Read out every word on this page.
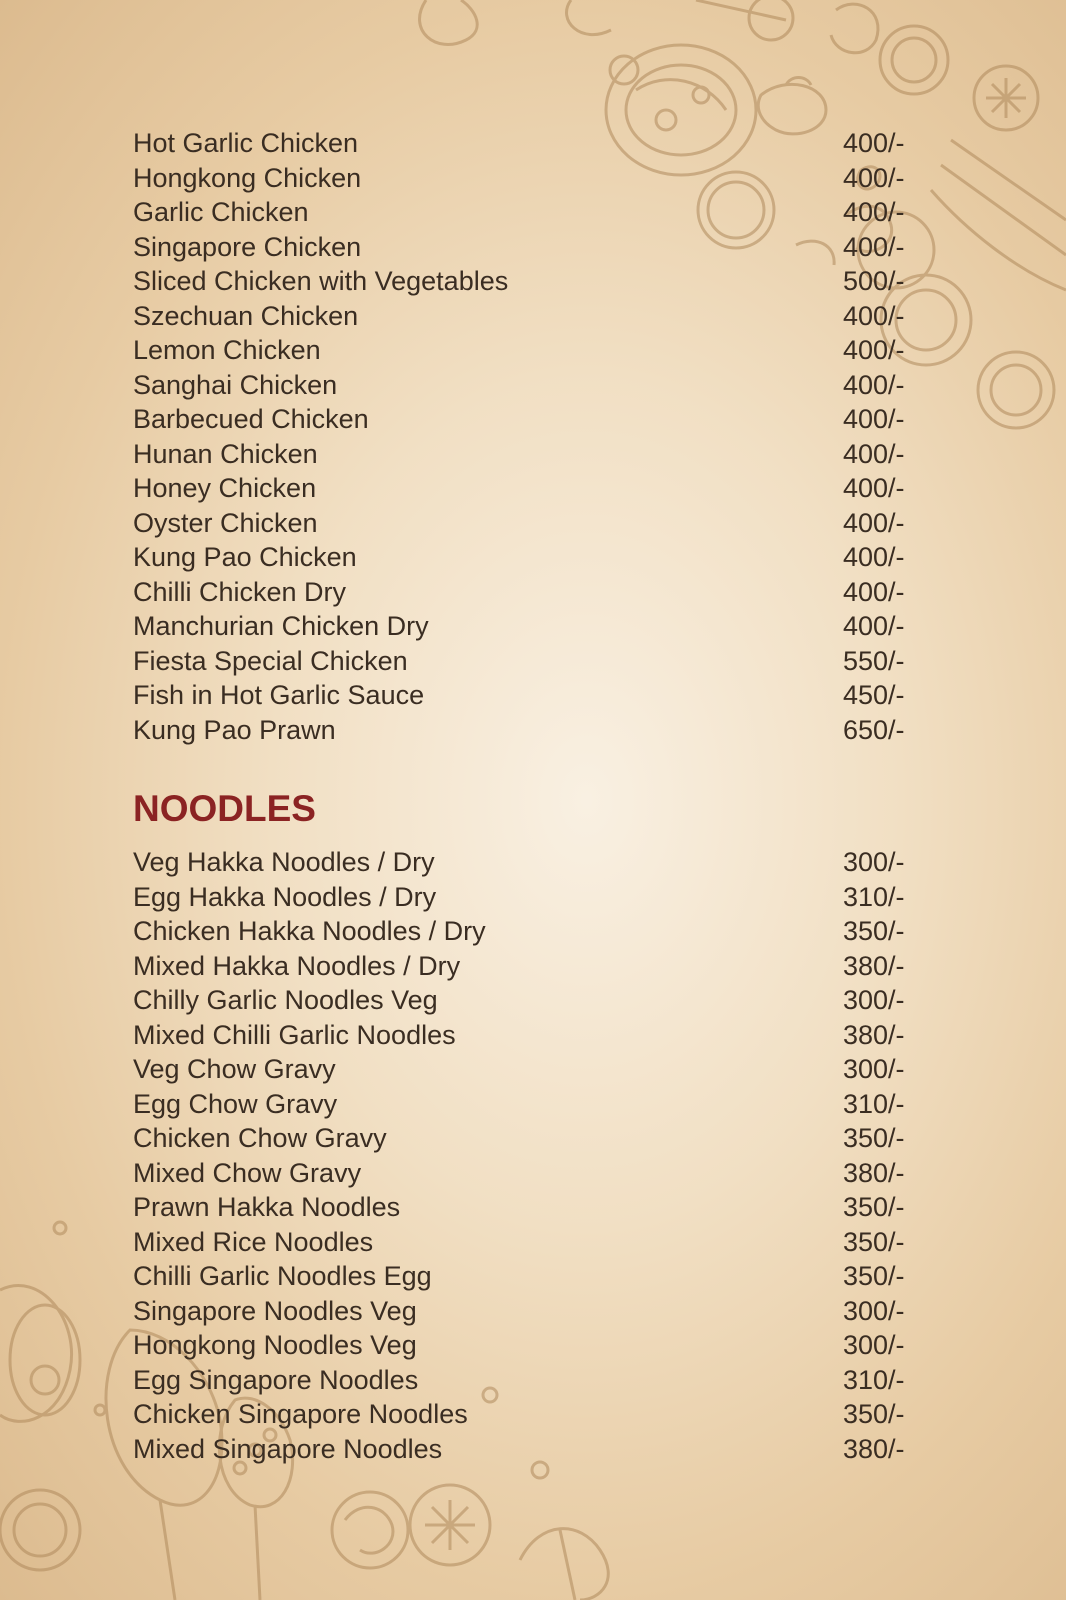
Hot Garlic Chicken	400/-
Hongkong Chicken	400/-
Garlic Chicken	400/-
Singapore Chicken	400/-
Sliced Chicken with Vegetables	500/-
Szechuan Chicken	400/-
Lemon Chicken	400/-
Sanghai Chicken	400/-
Barbecued Chicken	400/-
Hunan Chicken	400/-
Honey Chicken	400/-
Oyster Chicken	400/-
Kung Pao Chicken	400/-
Chilli Chicken Dry	400/-
Manchurian Chicken Dry	400/-
Fiesta Special Chicken	550/-
Fish in Hot Garlic Sauce	450/-
Kung Pao Prawn	650/-
NOODLES
Veg Hakka Noodles / Dry	300/-
Egg Hakka Noodles / Dry	310/-
Chicken Hakka Noodles / Dry	350/-
Mixed Hakka Noodles / Dry	380/-
Chilly Garlic Noodles Veg	300/-
Mixed Chilli Garlic Noodles	380/-
Veg Chow Gravy	300/-
Egg Chow Gravy	310/-
Chicken Chow Gravy	350/-
Mixed Chow Gravy	380/-
Prawn Hakka Noodles	350/-
Mixed Rice Noodles	350/-
Chilli Garlic Noodles Egg	350/-
Singapore Noodles Veg	300/-
Hongkong Noodles Veg	300/-
Egg Singapore Noodles	310/-
Chicken Singapore Noodles	350/-
Mixed Singapore Noodles	380/-
